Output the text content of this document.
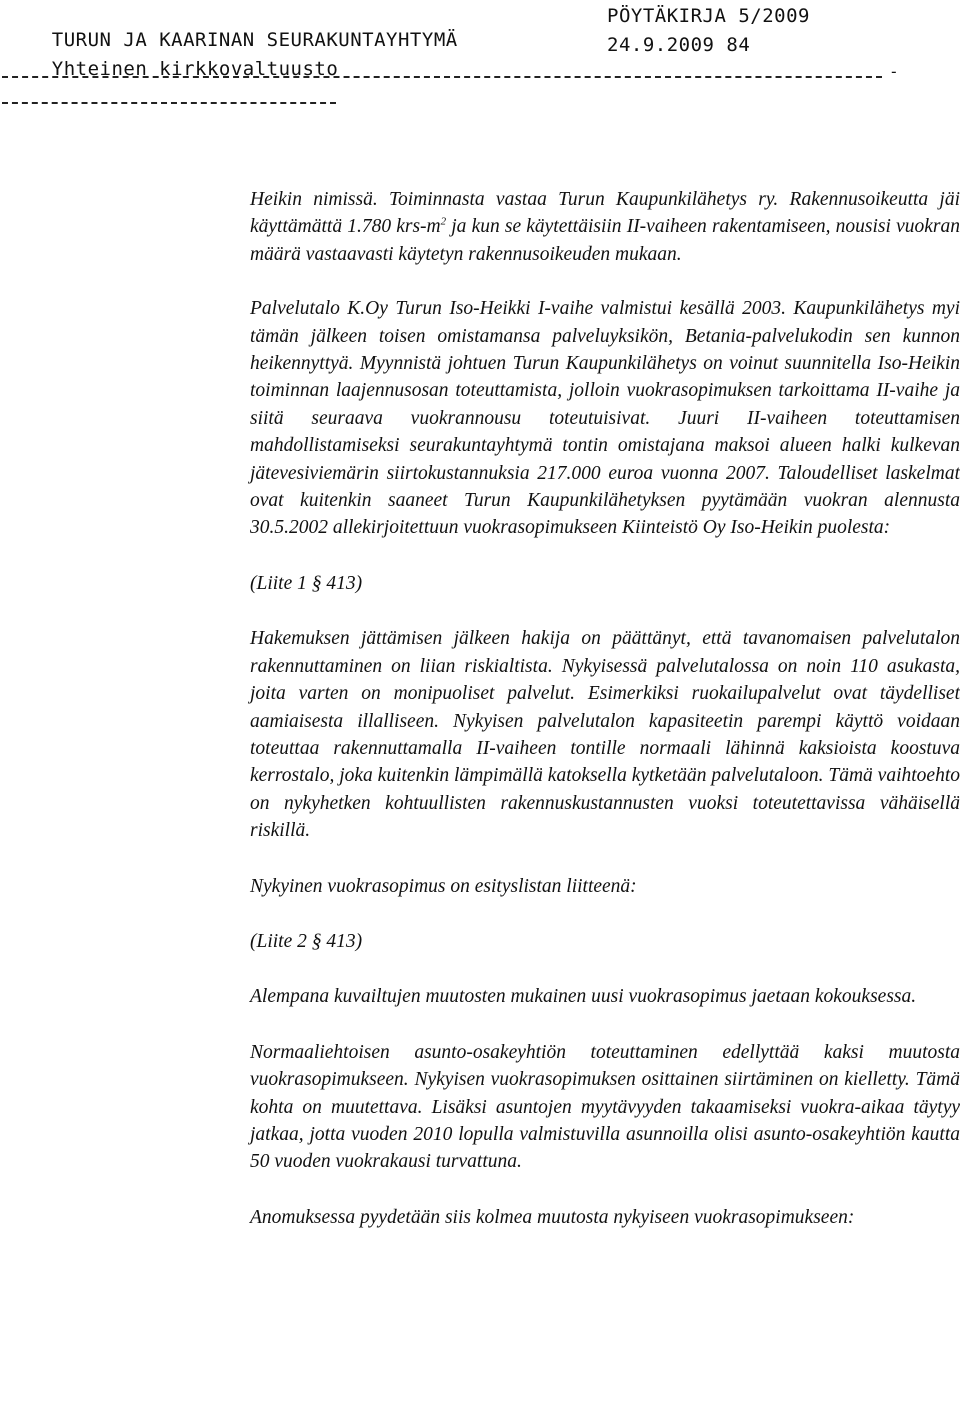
TURUN JA KAARINAN SEURAKUNTAYHTYMÄ
PÖYTÄKIRJA 5/2009

Yhteinen kirkkovaltuusto
24.9.2009 84

-

Heikin nimissä. Toiminnasta vastaa Turun Kaupunkilähetys ry. Rakennusoikeutta jäi käyttämättä 1.780 krs-$m^2$ ja kun se käytettäisiin II-vaiheen rakentamiseen, nousisi vuokran määrä vastaavasti käytetyn rakennusoikeuden mukaan.

Palvelutalo K.Oy Turun Iso-Heikki I-vaihe valmistui kesällä 2003. Kaupunkilähetys myi tämän jälkeen toisen omistamansa palveluyksikön, Betania-palvelukodin sen kunnon heikennyttyä. Myynnistä johtuen Turun Kaupunkilähetys on voinut suunnitella Iso-Heikin toiminnan laajennusosan toteuttamista, jolloin vuokrasopimuksen tarkoittama II-vaihe ja siitä seuraava vuokrannousu toteutuisivat. Juuri II-vaiheen toteuttamisen mahdollistamiseksi seurakuntayhtymä tontin omistajana maksoi alueen halki kulkevan jätevesiviemärin siirtokustannuksia 217.000 euroa vuonna 2007. Taloudelliset laskelmat ovat kuitenkin saaneet Turun Kaupunkilähetyksen pyytämään vuokran alennusta 30.5.2002 allekirjoitettuun vuokrasopimukseen Kiinteistö Oy Iso-Heikin puolesta:

(Liite 1 § 413)

Hakemuksen jättämisen jälkeen hakija on päättänyt, että tavanomaisen palvelutalon rakennuttaminen on liian riskialtista. Nykyisessä palvelutalossa on noin 110 asukasta, joita varten on monipuoliset palvelut. Esimerkiksi ruokailupalvelut ovat täydelliset aamiaisesta illalliseen. Nykyisen palvelutalon kapasiteetin parempi käyttö voidaan toteuttaa rakennuttamalla II-vaiheen tontille normaali lähinnä kaksioista koostuva kerrostalo, joka kuitenkin lämpimällä katoksella kytketään palvelutaloon. Tämä vaihtoehto on nykyhetken kohtuullisten rakennuskustannusten vuoksi toteutettavissa vähäisellä riskillä.

Nykyinen vuokrasopimus on esityslistan liitteenä:

(Liite 2 § 413)

Alempana kuvailtujen muutosten mukainen uusi vuokrasopimus jaetaan kokouksessa.

Normaaliehtoisen asunto-osakeyhtiön toteuttaminen edellyttää kaksi muutosta vuokrasopimukseen. Nykyisen vuokrasopimuksen osittainen siirtäminen on kielletty. Tämä kohta on muutettava. Lisäksi asuntojen myytävyyden takaamiseksi vuokra-aikaa täytyy jatkaa, jotta vuoden 2010 lopulla valmistuvilla asunnoilla olisi asunto-osakeyhtiön kautta 50 vuoden vuokrakausi turvattuna.

Anomuksessa pyydetään siis kolmea muutosta nykyiseen vuokrasopimukseen:
